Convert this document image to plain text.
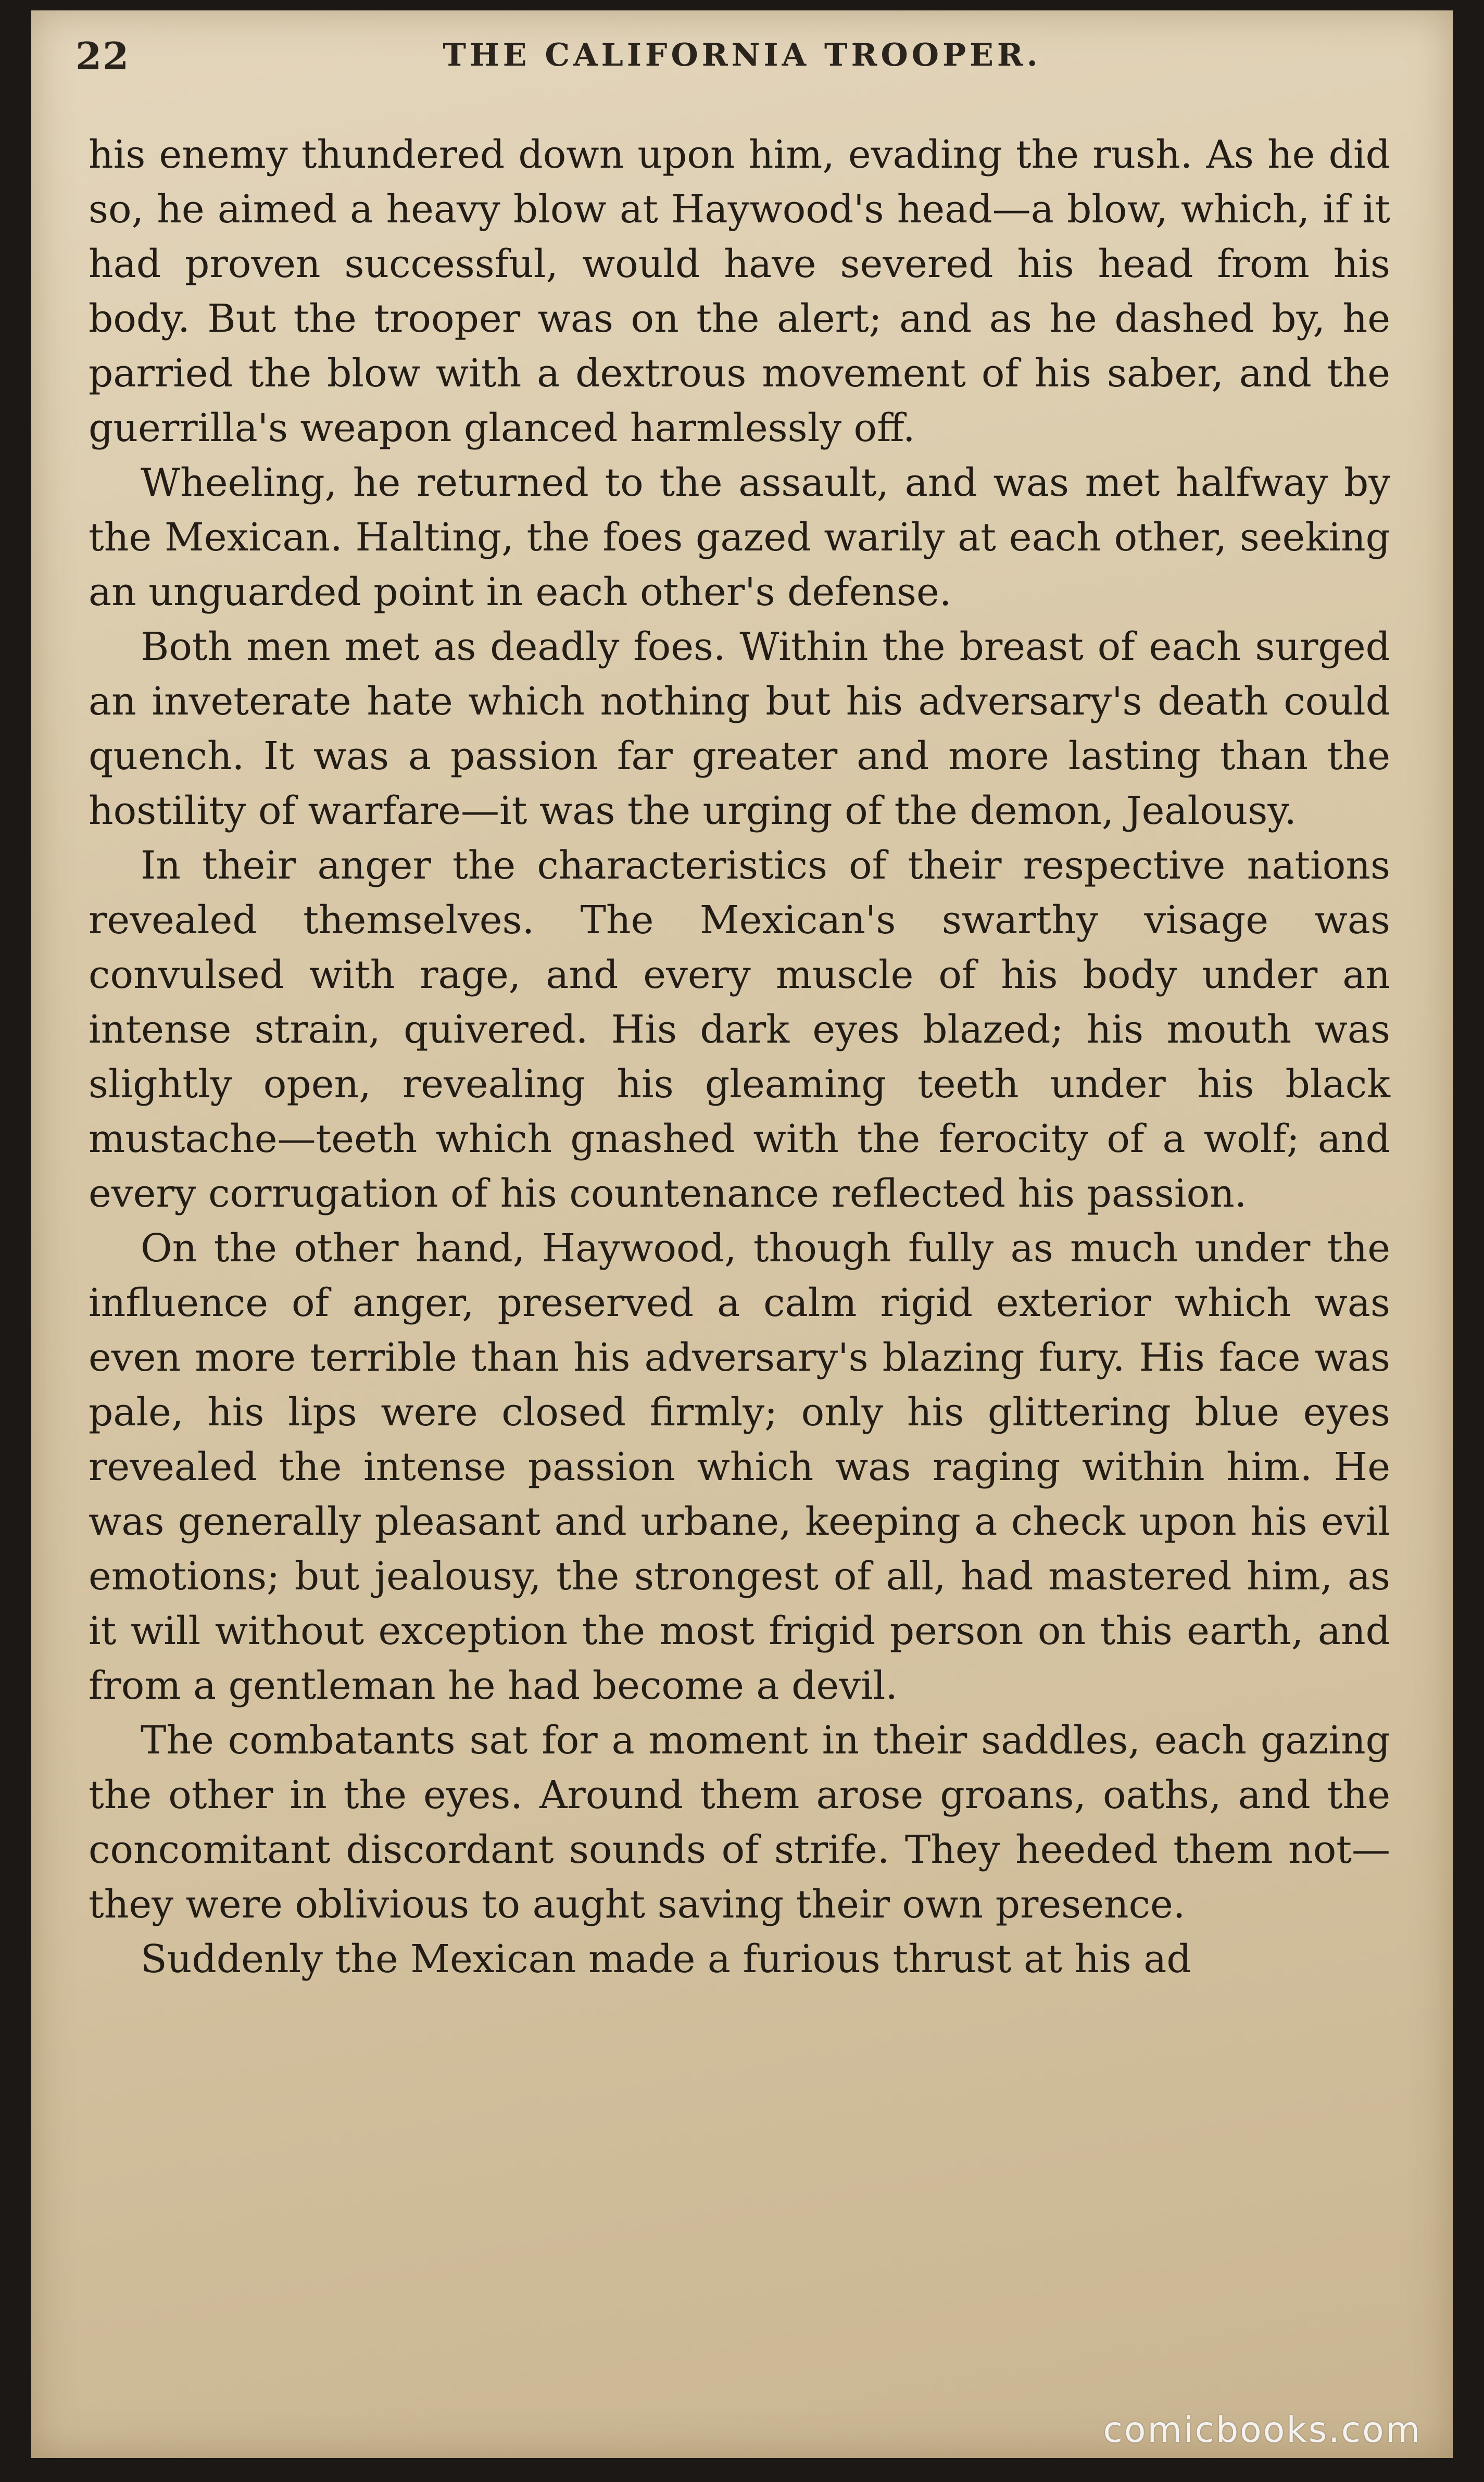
22	THE CALIFORNIA TROOPER.

his enemy thundered down upon him, evading the rush. As he did so, he aimed a heavy blow at Haywood's head—a blow, which, if it had proven successful, would have severed his head from his body. But the trooper was on the alert; and as he dashed by, he parried the blow with a dextrous movement of his saber, and the guerrilla's weapon glanced harmlessly off.

Wheeling, he returned to the assault, and was met halfway by the Mexican. Halting, the foes gazed warily at each other, seeking an unguarded point in each other's defense.

Both men met as deadly foes. Within the breast of each surged an inveterate hate which nothing but his adversary's death could quench. It was a passion far greater and more lasting than the hostility of warfare—it was the urging of the demon, Jealousy.

In their anger the characteristics of their respective nations revealed themselves. The Mexican's swarthy visage was convulsed with rage, and every muscle of his body under an intense strain, quivered. His dark eyes blazed; his mouth was slightly open, revealing his gleaming teeth under his black mustache—teeth which gnashed with the ferocity of a wolf; and every corrugation of his countenance reflected his passion.

On the other hand, Haywood, though fully as much under the influence of anger, preserved a calm rigid exterior which was even more terrible than his adversary's blazing fury. His face was pale, his lips were closed firmly; only his glittering blue eyes revealed the intense passion which was raging within him. He was generally pleasant and urbane, keeping a check upon his evil emotions; but jealousy, the strongest of all, had mastered him, as it will without exception the most frigid person on this earth, and from a gentleman he had become a devil.

The combatants sat for a moment in their saddles, each gazing the other in the eyes. Around them arose groans, oaths, and the concomitant discordant sounds of strife. They heeded them not—they were oblivious to aught saving their own presence.

Suddenly the Mexican made a furious thrust at his ad

comicbooks.com
